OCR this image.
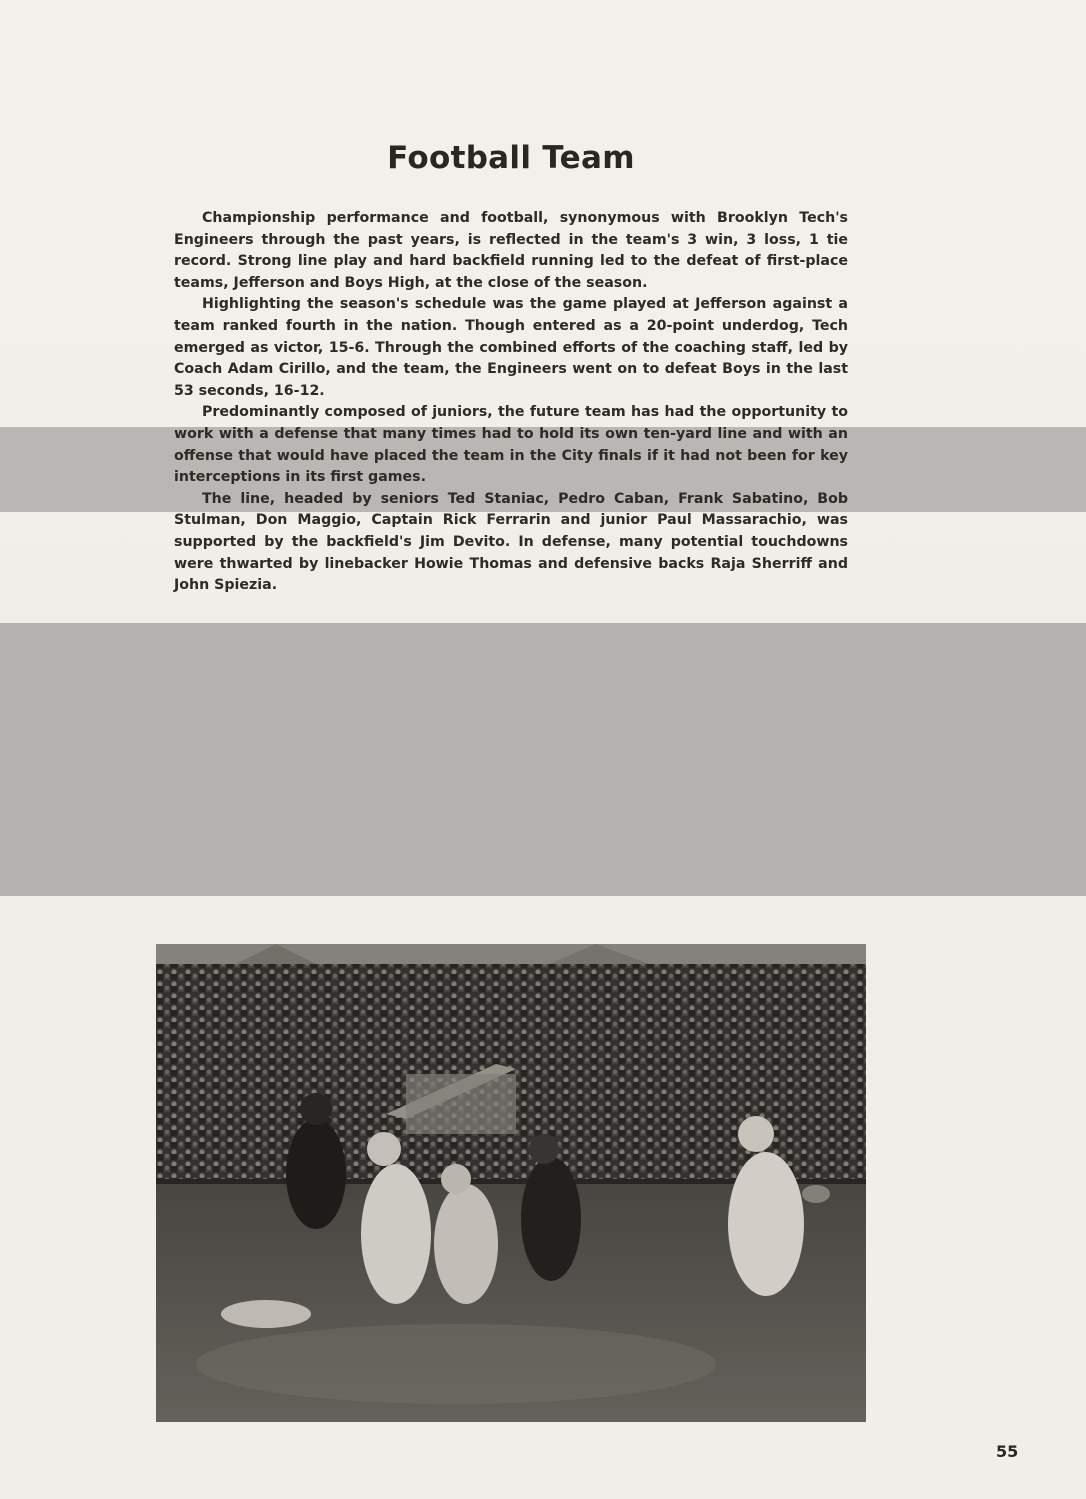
Football Team

Championship performance and football, synonymous with Brooklyn Tech's Engineers through the past years, is reflected in the team's 3 win, 3 loss, 1 tie record. Strong line play and hard backfield running led to the defeat of first-place teams, Jefferson and Boys High, at the close of the season.

Highlighting the season's schedule was the game played at Jefferson against a team ranked fourth in the nation. Though entered as a 20-point underdog, Tech emerged as victor, 15-6. Through the combined efforts of the coaching staff, led by Coach Adam Cirillo, and the team, the Engineers went on to defeat Boys in the last 53 seconds, 16-12.

Predominantly composed of juniors, the future team has had the opportunity to work with a defense that many times had to hold its own ten-yard line and with an offense that would have placed the team in the City finals if it had not been for key interceptions in its first games.

The line, headed by seniors Ted Staniac, Pedro Caban, Frank Sabatino, Bob Stulman, Don Maggio, Captain Rick Ferrarin and junior Paul Massarachio, was supported by the backfield's Jim Devito. In defense, many potential touchdowns were thwarted by linebacker Howie Thomas and defensive backs Raja Sherriff and John Spiezia.

55
